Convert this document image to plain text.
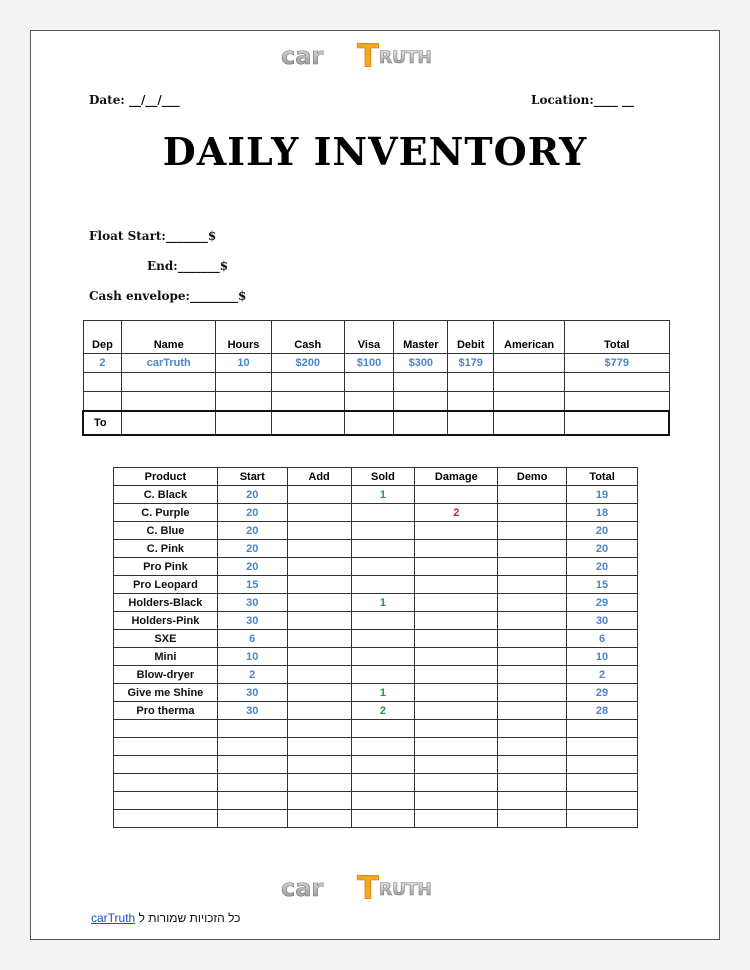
car T RUTH
Date: __/__/___	Location:____ __
DAILY INVENTORY
Float Start:_______$
End:_______$
Cash envelope:________$
Dep	Name	Hours	Cash	Visa	Master	Debit	American	Total
2	carTruth	10	$200	$100	$300	$179		$779

To								
Product	Start	Add	Sold	Damage	Demo	Total
C. Black	20		1			19
C. Purple	20			2		18
C. Blue	20					20
C. Pink	20					20
Pro Pink	20					20
Pro Leopard	15					15
Holders-Black	30		1			29
Holders-Pink	30					30
SXE	6					6
Mini	10					10
Blow-dryer	2					2
Give me Shine	30		1			29
Pro therma	30		2			28

car T RUTH
carTruth כל הזכויות שמורות ל
